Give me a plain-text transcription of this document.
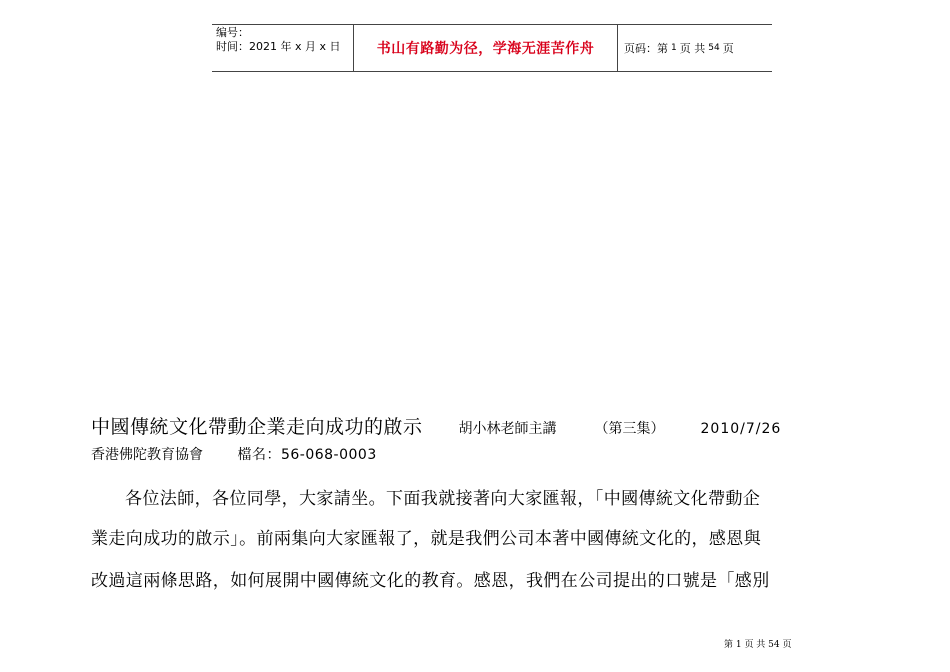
编号：
时间：2021 年 x 月 x 日	书山有路勤为径，学海无涯苦作舟	页码：第 1 页 共 54 页
中國傳統文化帶動企業走向成功的啟示	胡小林老師主講	（第三集）	2010/7/26
香港佛陀教育協會 檔名：56-068-0003
各位法師，各位同學，大家請坐。下面我就接著向大家匯報，「中國傳統文化帶動企
業走向成功的啟示」。前兩集向大家匯報了，就是我們公司本著中國傳統文化的，感恩與
改過這兩條思路，如何展開中國傳統文化的教育。感恩，我們在公司提出的口號是「感別
第 1 页 共 54 页
